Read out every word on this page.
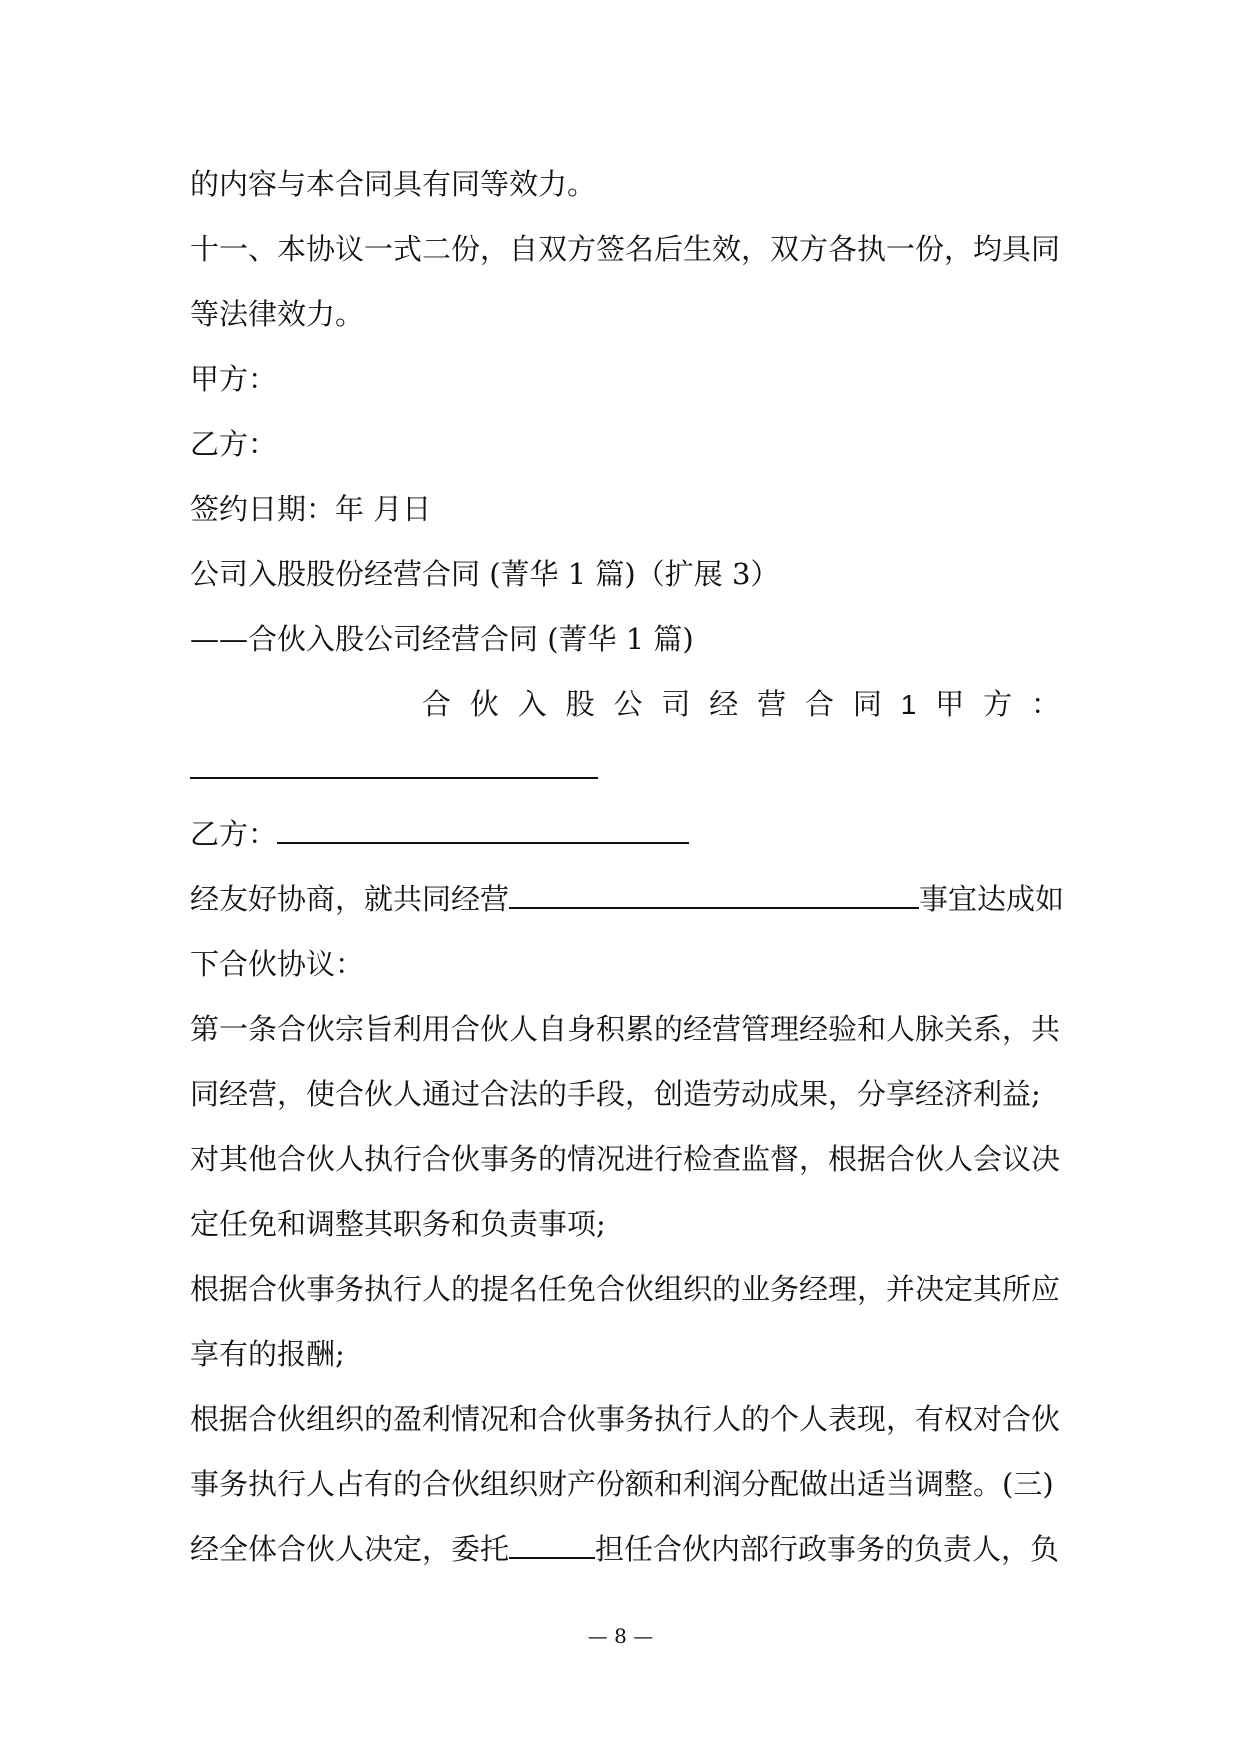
的内容与本合同具有同等效力。
十一、本协议一式二份，自双方签名后生效，双方各执一份，均具同
等法律效力。
甲方：
乙方：
签约日期：年 月日
公司入股股份经营合同 (菁华 1 篇)（扩展 3）
——合伙入股公司经营合同 (菁华 1 篇)
合 伙 入 股 公 司 经 营 合 同 1 甲 方 ：
乙方：
经友好协商，就共同经营	事宜达成如
下合伙协议：
第一条合伙宗旨利用合伙人自身积累的经营管理经验和人脉关系，共
同经营，使合伙人通过合法的手段，创造劳动成果，分享经济利益;
对其他合伙人执行合伙事务的情况进行检查监督，根据合伙人会议决
定任免和调整其职务和负责事项;
根据合伙事务执行人的提名任免合伙组织的业务经理，并决定其所应
享有的报酬;
根据合伙组织的盈利情况和合伙事务执行人的个人表现，有权对合伙
事务执行人占有的合伙组织财产份额和利润分配做出适当调整。(三)
经全体合伙人决定，委托	担任合伙内部行政事务的负责人，负
— 8 —
